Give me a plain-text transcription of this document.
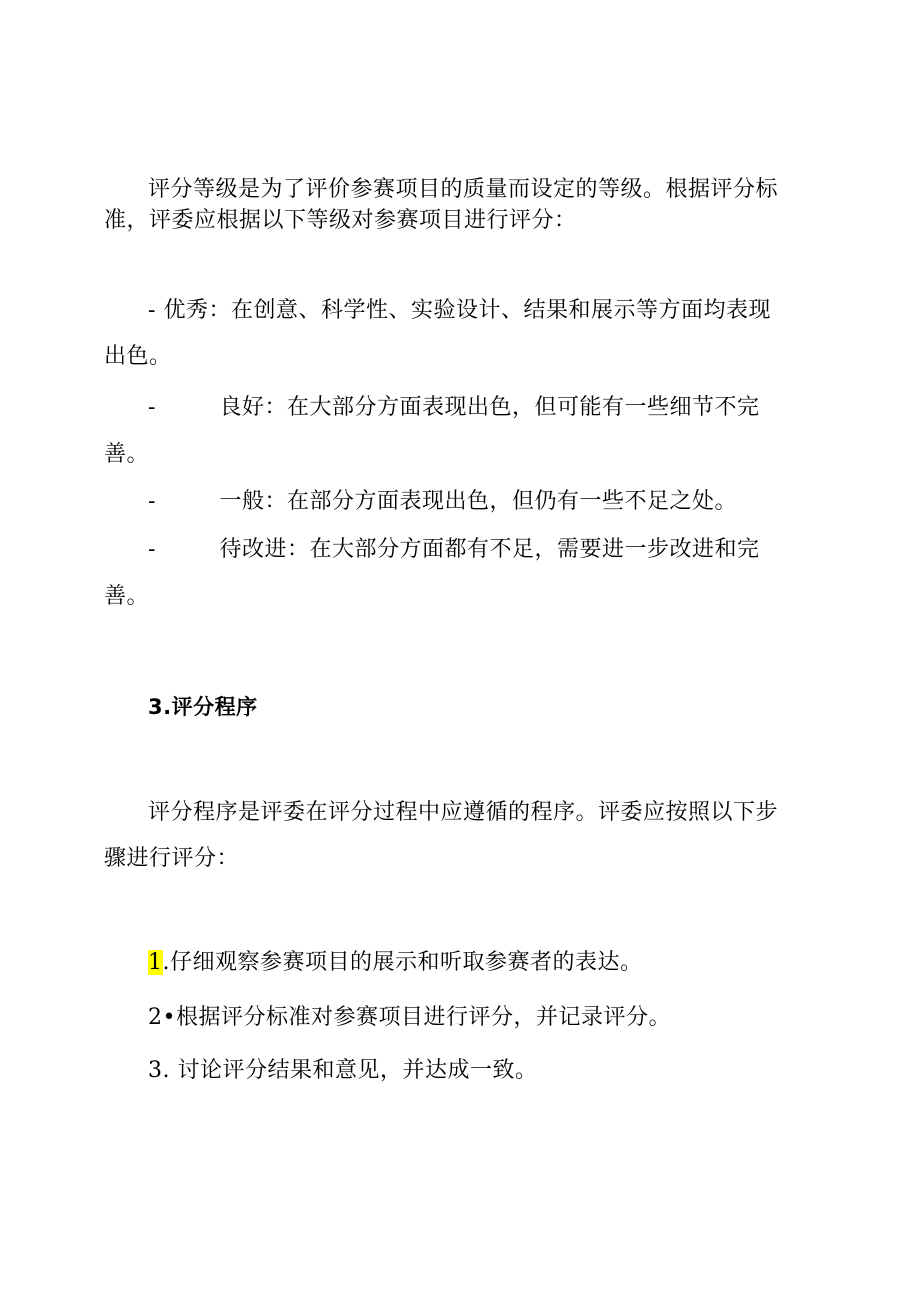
评分等级是为了评价参赛项目的质量而设定的等级。根据评分标
准，评委应根据以下等级对参赛项目进行评分：
- 优秀：在创意、科学性、实验设计、结果和展示等方面均表现
出色。
-	良好：在大部分方面表现出色，但可能有一些细节不完
善。
-	一般：在部分方面表现出色，但仍有一些不足之处。
-	待改进：在大部分方面都有不足，需要进一步改进和完
善。
3.评分程序
评分程序是评委在评分过程中应遵循的程序。评委应按照以下步
骤进行评分：
1.仔细观察参赛项目的展示和听取参赛者的表达。
2•根据评分标准对参赛项目进行评分，并记录评分。
3. 讨论评分结果和意见，并达成一致。
